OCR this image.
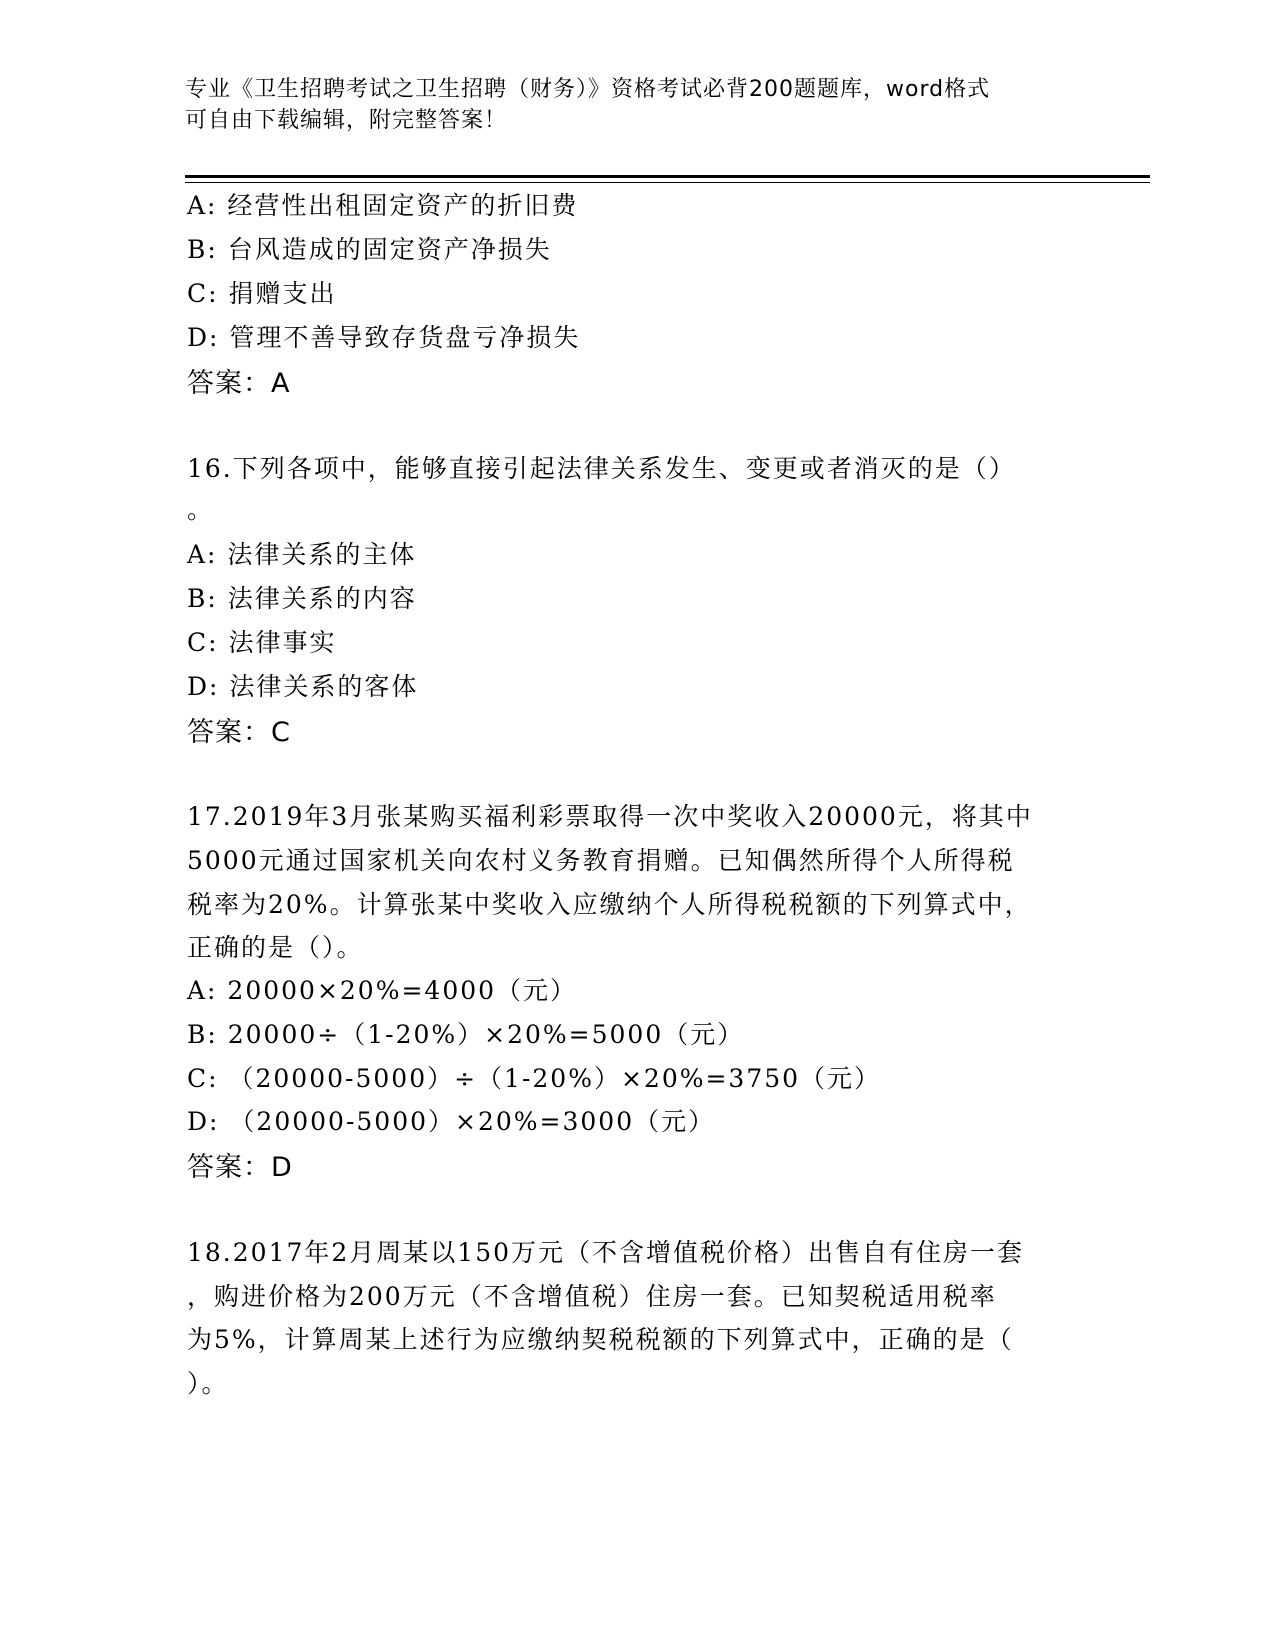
专业《卫生招聘考试之卫生招聘（财务）》资格考试必背200题题库，word格式
可自由下载编辑，附完整答案！
A: 经营性出租固定资产的折旧费
B: 台风造成的固定资产净损失
C: 捐赠支出
D: 管理不善导致存货盘亏净损失
答案：A
16.下列各项中，能够直接引起法律关系发生、变更或者消灭的是（）
。
A: 法律关系的主体
B: 法律关系的内容
C: 法律事实
D: 法律关系的客体
答案：C
17.2019年3月张某购买福利彩票取得一次中奖收入20000元，将其中
5000元通过国家机关向农村义务教育捐赠。已知偶然所得个人所得税
税率为20%。计算张某中奖收入应缴纳个人所得税税额的下列算式中，
正确的是（）。
A: 20000×20%=4000（元）
B: 20000÷（1-20%）×20%=5000（元）
C: （20000-5000）÷（1-20%）×20%=3750（元）
D: （20000-5000）×20%=3000（元）
答案：D
18.2017年2月周某以150万元（不含增值税价格）出售自有住房一套
，购进价格为200万元（不含增值税）住房一套。已知契税适用税率
为5%，计算周某上述行为应缴纳契税税额的下列算式中，正确的是（
）。
